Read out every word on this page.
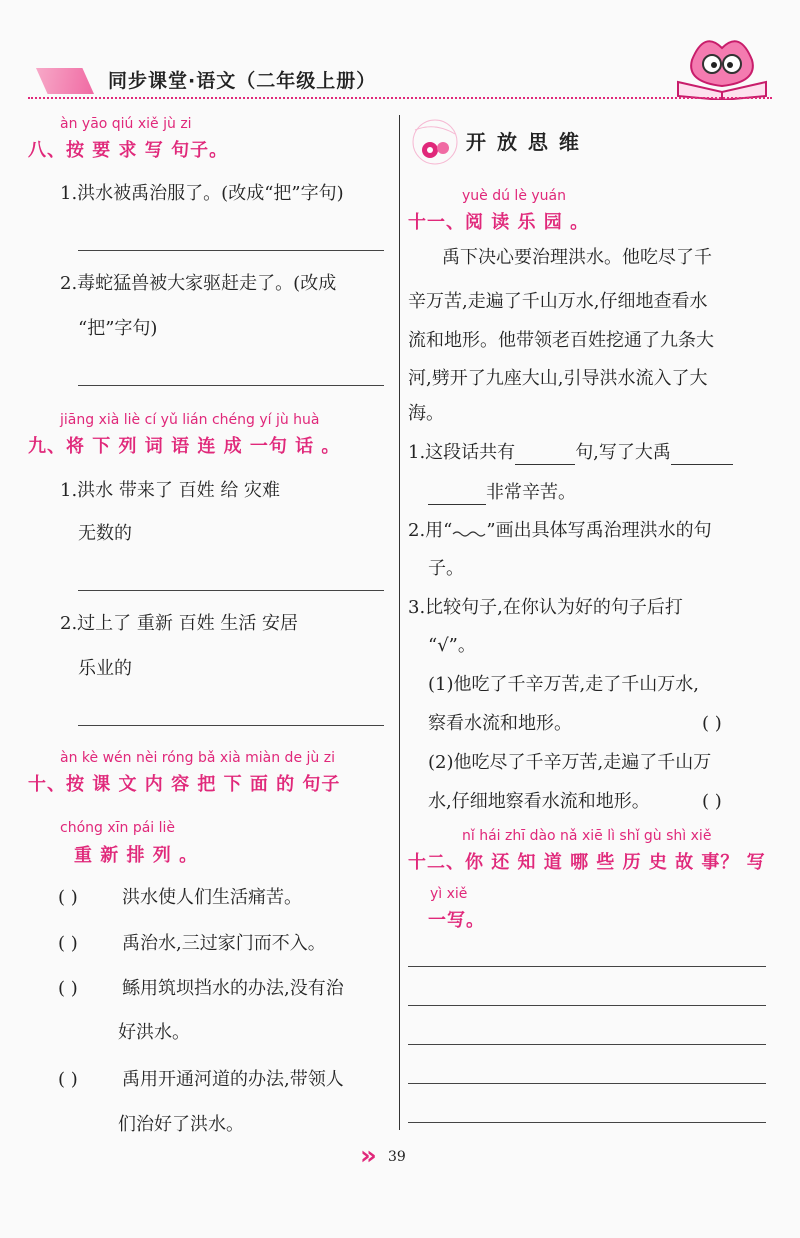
同步课堂·语文（二年级上册）
àn yāo qiú xiě jù zi
八、按 要 求 写 句子。
1.洪水被禹治服了。(改成“把”字句)
2.毒蛇猛兽被大家驱赶走了。(改成
“把”字句)
jiāng xià liè cí yǔ lián chéng yí jù huà
九、将 下 列 词 语 连 成 一句 话 。
1.洪水 带来了 百姓 给 灾难
无数的
2.过上了 重新 百姓 生活 安居
乐业的
àn kè wén nèi róng bǎ xià miàn de jù zi
十、按 课 文 内 容 把 下 面 的 句子
chóng xīn pái liè
重 新 排 列 。
( ) 洪水使人们生活痛苦。
( ) 禹治水,三过家门而不入。
( ) 鲧用筑坝挡水的办法,没有治
好洪水。
( ) 禹用开通河道的办法,带领人
们治好了洪水。
开 放 思 维
yuè dú lè yuán
十一、阅 读 乐 园 。
禹下决心要治理洪水。他吃尽了千
辛万苦,走遍了千山万水,仔细地查看水
流和地形。他带领老百姓挖通了九条大
河,劈开了九座大山,引导洪水流入了大
海。
1.这段话共有	句,写了大禹
非常辛苦。
2.用“ ”画出具体写禹治理洪水的句
子。
3.比较句子,在你认为好的句子后打
“√”。
(1)他吃了千辛万苦,走了千山万水,
察看水流和地形。	( )
(2)他吃尽了千辛万苦,走遍了千山万
水,仔细地察看水流和地形。	( )
nǐ hái zhī dào nǎ xiē lì shǐ gù shì xiě
十二、你 还 知 道 哪 些 历 史 故 事？ 写
yì xiě
一写。
» 39
